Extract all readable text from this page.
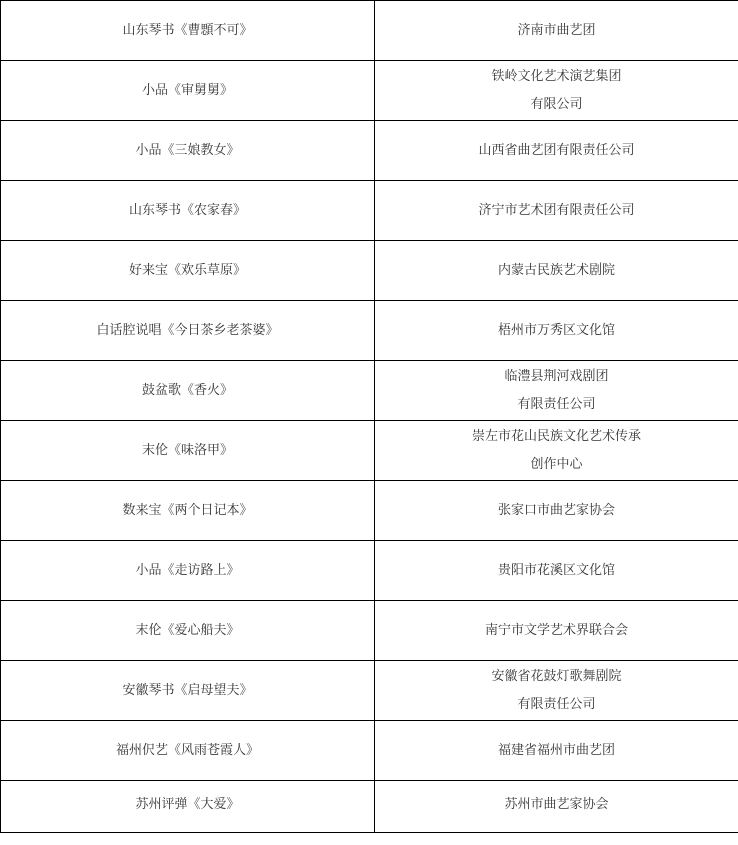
山东琴书《曹顋不可》	济南市曲艺团

小品《审舅舅》	铁岭文化艺术演艺集团
有限公司

小品《三娘教女》	山西省曲艺团有限责任公司

山东琴书《农家春》	济宁市艺术团有限责任公司

好来宝《欢乐草原》	内蒙古民族艺术剧院

白话腔说唱《今日茶乡老茶婆》	梧州市万秀区文化馆

鼓盆歌《香火》	临澧县荆河戏剧团
有限责任公司

末伦《味洛甲》	崇左市花山民族文化艺术传承
创作中心

数来宝《两个日记本》	张家口市曲艺家协会

小品《走访路上》	贵阳市花溪区文化馆

末伦《爱心船夫》	南宁市文学艺术界联合会

安徽琴书《启母望夫》	安徽省花鼓灯歌舞剧院
有限责任公司

福州伬艺《风雨苍霞人》	福建省福州市曲艺团

苏州评弹《大爱》	苏州市曲艺家协会
